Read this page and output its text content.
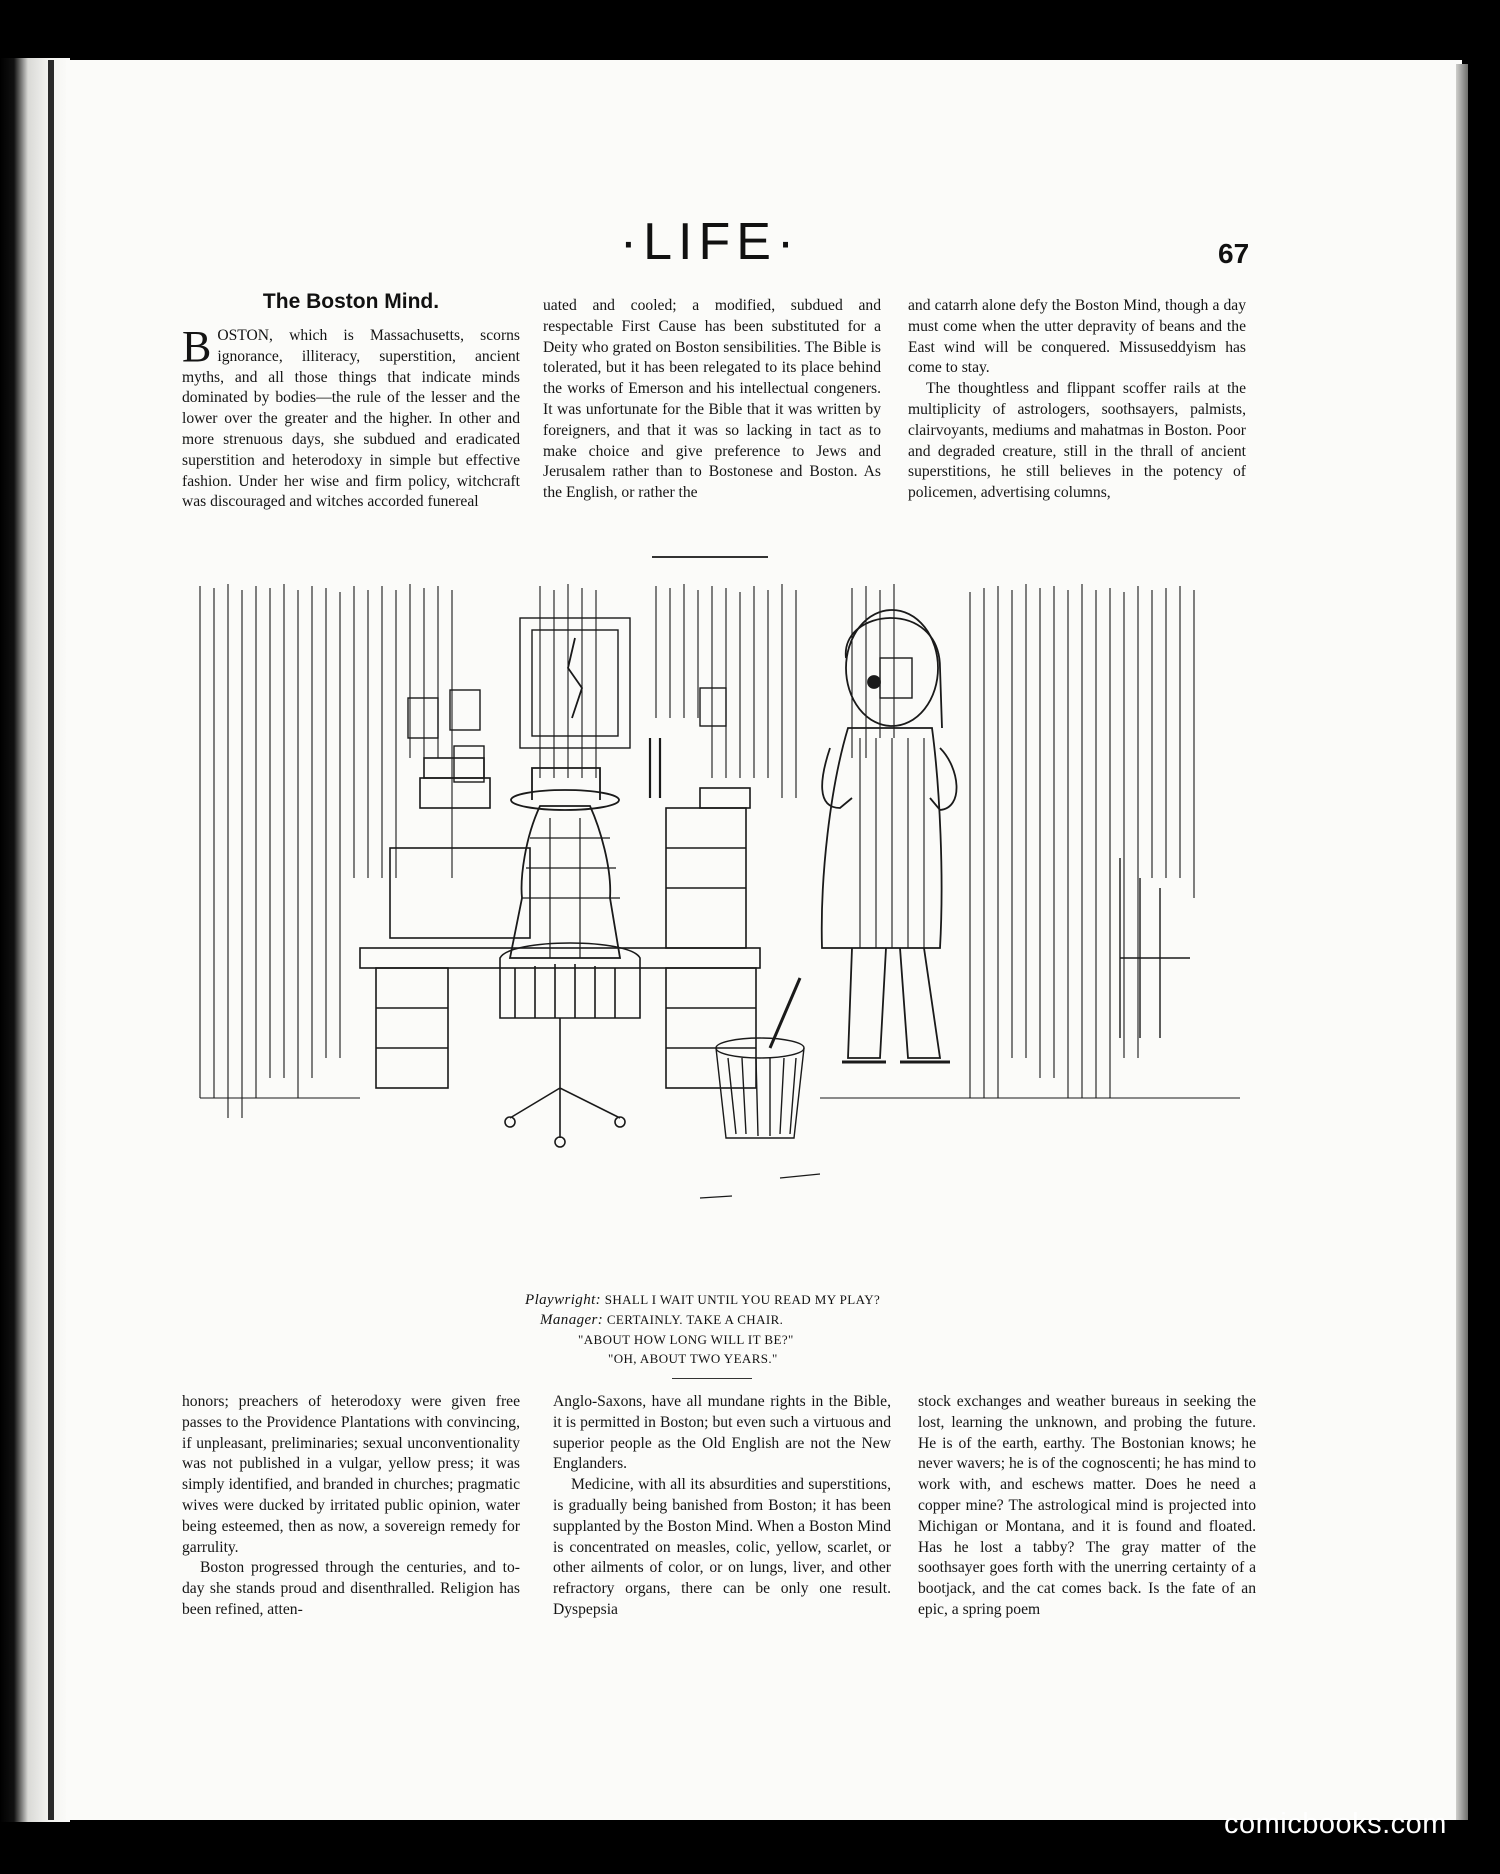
·LIFE·	67
The Boston Mind.

BOSTON, which is Massachusetts, scorns ignorance, illiteracy, superstition, ancient myths, and all those things that indicate minds dominated by bodies—the rule of the lesser and the lower over the greater and the higher. In other and more strenuous days, she subdued and eradicated superstition and heterodoxy in simple but effective fashion. Under her wise and firm policy, witchcraft was discouraged and witches accorded funereal

uated and cooled; a modified, subdued and respectable First Cause has been substituted for a Deity who grated on Boston sensibilities. The Bible is tolerated, but it has been relegated to its place behind the works of Emerson and his intellectual congeners. It was unfortunate for the Bible that it was written by foreigners, and that it was so lacking in tact as to make choice and give preference to Jews and Jerusalem rather than to Bostonese and Boston. As the English, or rather the

and catarrh alone defy the Boston Mind, though a day must come when the utter depravity of beans and the East wind will be conquered. Missuseddyism has come to stay.

The thoughtless and flippant scoffer rails at the multiplicity of astrologers, soothsayers, palmists, clairvoyants, mediums and mahatmas in Boston. Poor and degraded creature, still in the thrall of ancient superstitions, he still believes in the potency of policemen, advertising columns,

Playwright: SHALL I WAIT UNTIL YOU READ MY PLAY?
Manager: CERTAINLY. TAKE A CHAIR.
"ABOUT HOW LONG WILL IT BE?"
"OH, ABOUT TWO YEARS."

honors; preachers of heterodoxy were given free passes to the Providence Plantations with convincing, if unpleasant, preliminaries; sexual unconventionality was not published in a vulgar, yellow press; it was simply identified, and branded in churches; pragmatic wives were ducked by irritated public opinion, water being esteemed, then as now, a sovereign remedy for garrulity.

Boston progressed through the centuries, and to-day she stands proud and disenthralled. Religion has been refined, atten-

Anglo-Saxons, have all mundane rights in the Bible, it is permitted in Boston; but even such a virtuous and superior people as the Old English are not the New Englanders.

Medicine, with all its absurdities and superstitions, is gradually being banished from Boston; it has been supplanted by the Boston Mind. When a Boston Mind is concentrated on measles, colic, yellow, scarlet, or other ailments of color, or on lungs, liver, and other refractory organs, there can be only one result. Dyspepsia

stock exchanges and weather bureaus in seeking the lost, learning the unknown, and probing the future. He is of the earth, earthy. The Bostonian knows; he never wavers; he is of the cognoscenti; he has mind to work with, and eschews matter. Does he need a copper mine? The astrological mind is projected into Michigan or Montana, and it is found and floated. Has he lost a tabby? The gray matter of the soothsayer goes forth with the unerring certainty of a bootjack, and the cat comes back. Is the fate of an epic, a spring poem

comicbooks.com
